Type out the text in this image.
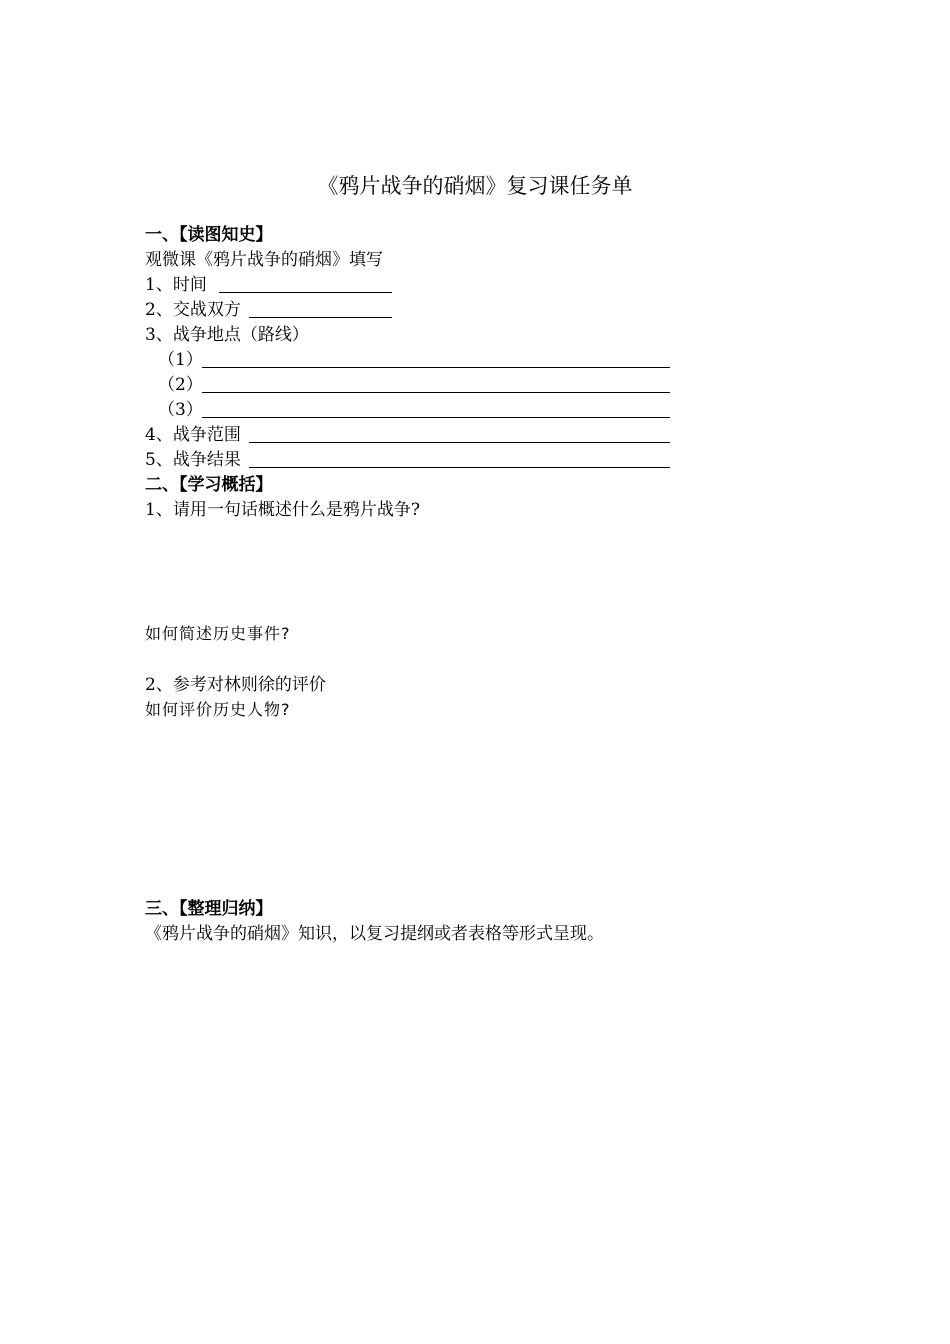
《鸦片战争的硝烟》复习课任务单
一、【读图知史】
观微课《鸦片战争的硝烟》填写
1、时间
2、交战双方
3、战争地点（路线）
（1）
（2）
（3）
4、战争范围
5、战争结果
二、【学习概括】
1、请用一句话概述什么是鸦片战争?
如何简述历史事件?
2、参考对林则徐的评价
如何评价历史人物?
三、【整理归纳】
《鸦片战争的硝烟》知识，以复习提纲或者表格等形式呈现。
